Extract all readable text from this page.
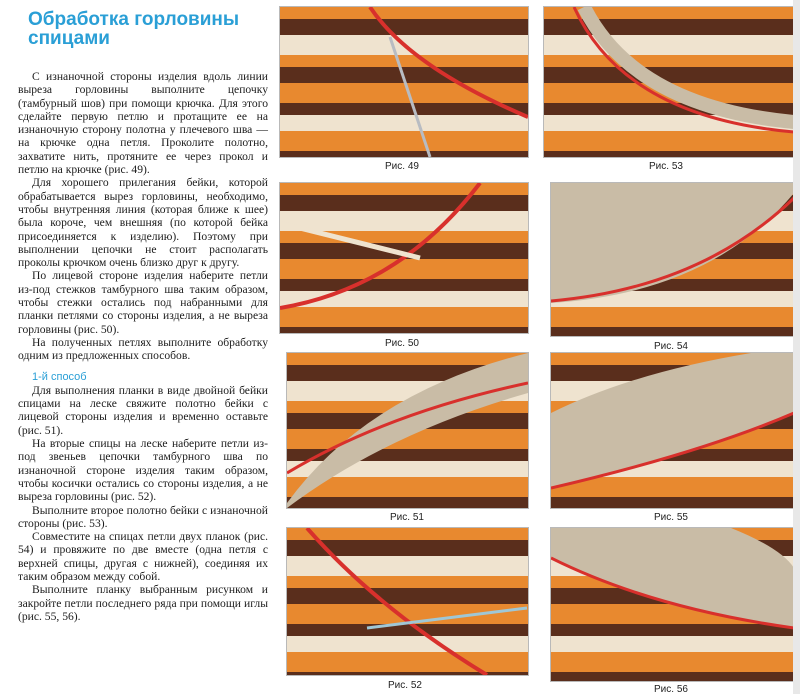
Обработка горловины спицами

С изнаночной стороны изделия вдоль линии выреза горловины выполните цепочку (тамбурный шов) при помощи крючка. Для этого сделайте первую петлю и протащите ее на изнаночную сторону полотна у плечевого шва — на крючке одна петля. Проколите полотно, захватите нить, протяните ее через прокол и петлю на крючке (рис. 49).

Для хорошего прилегания бейки, которой обрабатывается вырез горловины, необходимо, чтобы внутренняя линия (которая ближе к шее) была короче, чем внешняя (по которой бейка присоединяется к изделию). Поэтому при выполнении цепочки не стоит располагать проколы крючком очень близко друг к другу.

По лицевой стороне изделия наберите петли из-под стежков тамбурного шва таким образом, чтобы стежки остались под набранными для планки петлями со стороны изделия, а не выреза горловины (рис. 50).

На полученных петлях выполните обработку одним из предложенных способов.

1-й способ

Для выполнения планки в виде двойной бейки спицами на леске свяжите полотно бейки с лицевой стороны изделия и временно оставьте (рис. 51).

На вторые спицы на леске наберите петли из-под звеньев цепочки тамбурного шва по изнаночной стороне изделия таким образом, чтобы косички остались со стороны изделия, а не выреза горловины (рис. 52).

Выполните второе полотно бейки с изнаночной стороны (рис. 53).

Совместите на спицах петли двух планок (рис. 54) и провяжите по две вместе (одна петля с верхней спицы, другая с нижней), соединяя их таким образом между собой.

Выполните планку выбранным рисунком и закройте петли последнего ряда при помощи иглы (рис. 55, 56).

Рис. 49
Рис. 50
Рис. 51
Рис. 52
Рис. 53
Рис. 54
Рис. 55
Рис. 56
